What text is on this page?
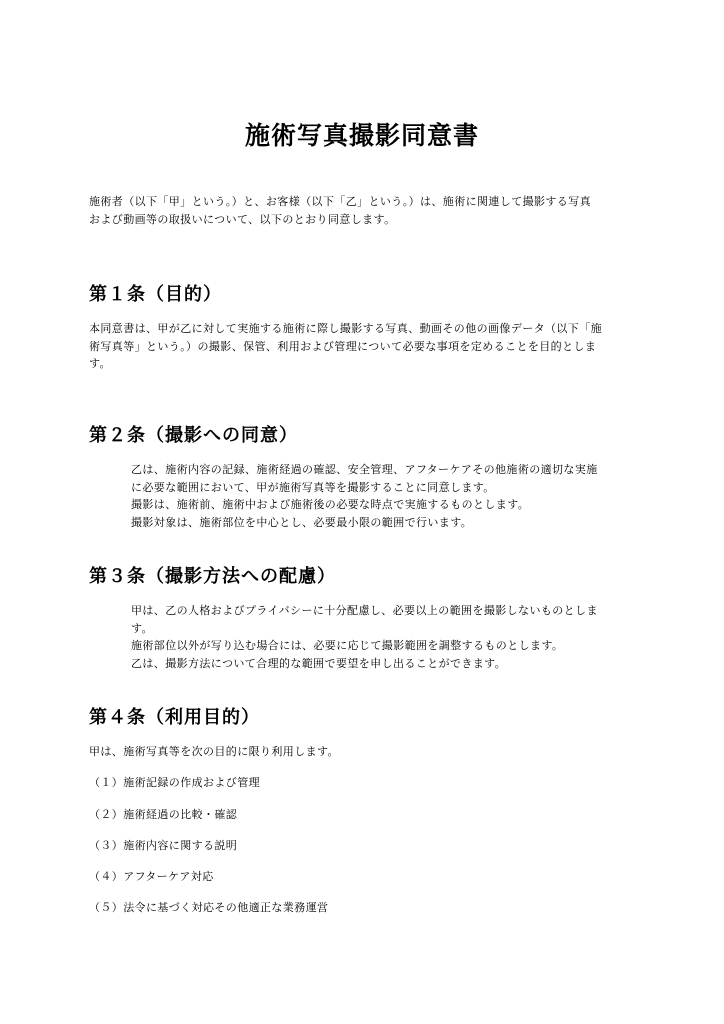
施術写真撮影同意書
施術者（以下「甲」という。）と、お客様（以下「乙」という。）は、施術に関連して撮影する写真
および動画等の取扱いについて、以下のとおり同意します。
第１条（目的）
本同意書は、甲が乙に対して実施する施術に際し撮影する写真、動画その他の画像データ（以下「施
術写真等」という。）の撮影、保管、利用および管理について必要な事項を定めることを目的としま
す。
第２条（撮影への同意）
乙は、施術内容の記録、施術経過の確認、安全管理、アフターケアその他施術の適切な実施
に必要な範囲において、甲が施術写真等を撮影することに同意します。
撮影は、施術前、施術中および施術後の必要な時点で実施するものとします。
撮影対象は、施術部位を中心とし、必要最小限の範囲で行います。
第３条（撮影方法への配慮）
甲は、乙の人格およびプライバシーに十分配慮し、必要以上の範囲を撮影しないものとしま
す。
施術部位以外が写り込む場合には、必要に応じて撮影範囲を調整するものとします。
乙は、撮影方法について合理的な範囲で要望を申し出ることができます。
第４条（利用目的）
甲は、施術写真等を次の目的に限り利用します。
（１）施術記録の作成および管理
（２）施術経過の比較・確認
（３）施術内容に関する説明
（４）アフターケア対応
（５）法令に基づく対応その他適正な業務運営
